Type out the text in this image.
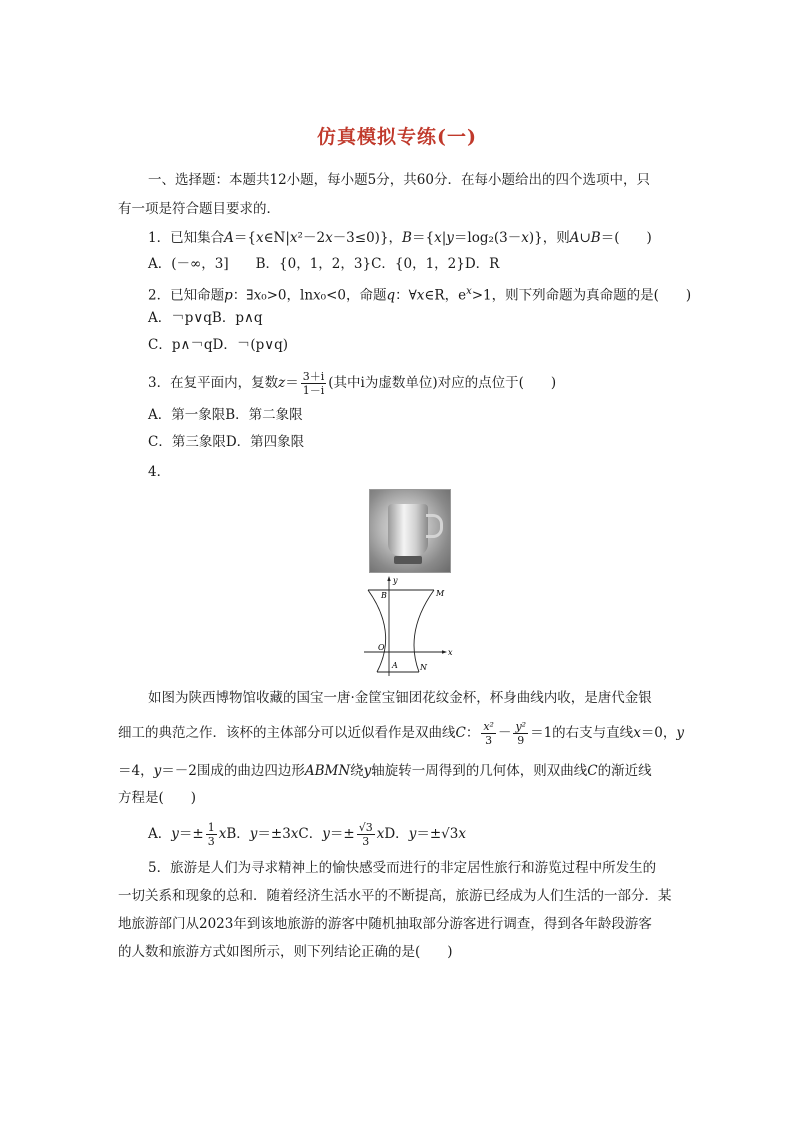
仿真模拟专练(一)
一、选择题：本题共12小题，每小题5分，共60分．在每小题给出的四个选项中，只
有一项是符合题目要求的．
1．已知集合A＝{x∈N|x²－2x－3≤0)}，B＝{x|y＝log₂(3－x)}，则A∪B＝(　　)
A．(－∞，3]　　B．{0，1，2，3}C．{0，1，2}D．R
2．已知命题p：∃x₀>0，lnx₀<0，命题q：∀x∈R，$e^x>1$，则下列命题为真命题的是(　　)
A．￢p∨qB．p∧q
C．p∧￢qD．￢(p∨q)
3．在复平面内，复数$z= \frac{3+i}{1-i}$ (其中i为虚数单位)对应的点位于(　　)
A．第一象限B．第二象限
C．第三象限D．第四象限
4．
y
B	M
O
x
A	N
如图为陕西博物馆收藏的国宝一唐·金筐宝钿团花纹金杯，杯身曲线内收，是唐代金银
细工的典范之作．该杯的主体部分可以近似看作是双曲线C： $\frac{\text{x²}}{3} - \frac{\text{y²}}{9} =1$的右支与直线x＝0，y
＝4，y＝－2围成的曲边四边形ABMN绕y轴旋转一周得到的几何体，则双曲线C的渐近线
方程是(　　)
A．$y=\pm \frac{1}{3}$ xB．y＝±3xC．$y=\pm \frac{√3}{3}$ xD．y＝±√3x
5．旅游是人们为寻求精神上的愉快感受而进行的非定居性旅行和游览过程中所发生的
一切关系和现象的总和．随着经济生活水平的不断提高，旅游已经成为人们生活的一部分．某
地旅游部门从2023年到该地旅游的游客中随机抽取部分游客进行调查，得到各年龄段游客
的人数和旅游方式如图所示，则下列结论正确的是(　　)
